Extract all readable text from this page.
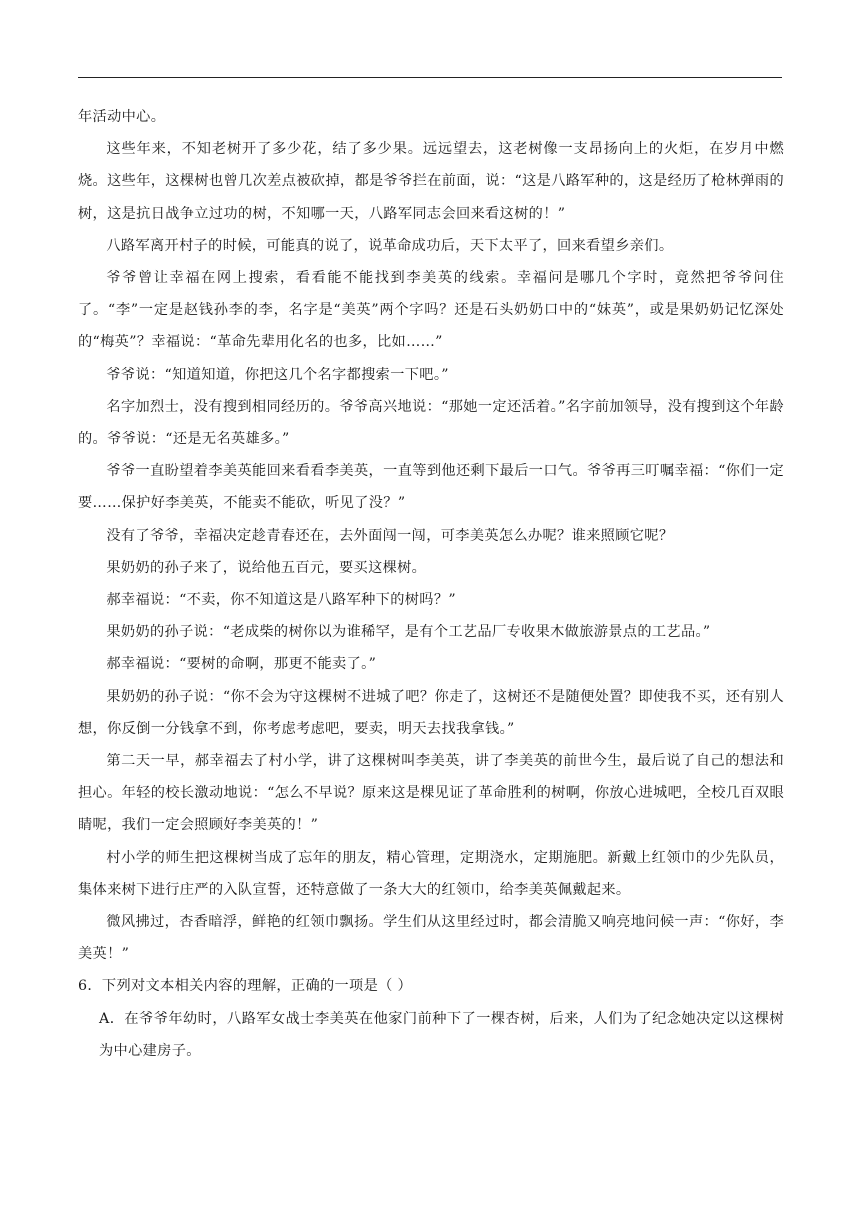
年活动中心。

这些年来，不知老树开了多少花，结了多少果。远远望去，这老树像一支昂扬向上的火炬，在岁月中燃烧。这些年，这棵树也曾几次差点被砍掉，都是爷爷拦在前面，说：“这是八路军种的，这是经历了枪林弹雨的树，这是抗日战争立过功的树，不知哪一天，八路军同志会回来看这树的！”

八路军离开村子的时候，可能真的说了，说革命成功后，天下太平了，回来看望乡亲们。

爷爷曾让幸福在网上搜索，看看能不能找到李美英的线索。幸福问是哪几个字时，竟然把爷爷问住了。“李”一定是赵钱孙李的李，名字是“美英”两个字吗？还是石头奶奶口中的“妹英”，或是果奶奶记忆深处的“梅英”？幸福说：“革命先辈用化名的也多，比如……”

爷爷说：“知道知道，你把这几个名字都搜索一下吧。”

名字加烈士，没有搜到相同经历的。爷爷高兴地说：“那她一定还活着。”名字前加领导，没有搜到这个年龄的。爷爷说：“还是无名英雄多。”

爷爷一直盼望着李美英能回来看看李美英，一直等到他还剩下最后一口气。爷爷再三叮嘱幸福：“你们一定要……保护好李美英，不能卖不能砍，听见了没？”

没有了爷爷，幸福决定趁青春还在，去外面闯一闯，可李美英怎么办呢？谁来照顾它呢？

果奶奶的孙子来了，说给他五百元，要买这棵树。

郝幸福说：“不卖，你不知道这是八路军种下的树吗？”

果奶奶的孙子说：“老成柴的树你以为谁稀罕，是有个工艺品厂专收果木做旅游景点的工艺品。”

郝幸福说：“要树的命啊，那更不能卖了。”

果奶奶的孙子说：“你不会为守这棵树不进城了吧？你走了，这树还不是随便处置？即使我不买，还有别人想，你反倒一分钱拿不到，你考虑考虑吧，要卖，明天去找我拿钱。”

第二天一早，郝幸福去了村小学，讲了这棵树叫李美英，讲了李美英的前世今生，最后说了自己的想法和担心。年轻的校长激动地说：“怎么不早说？原来这是棵见证了革命胜利的树啊，你放心进城吧，全校几百双眼睛呢，我们一定会照顾好李美英的！”

村小学的师生把这棵树当成了忘年的朋友，精心管理，定期浇水，定期施肥。新戴上红领巾的少先队员，集体来树下进行庄严的入队宣誓，还特意做了一条大大的红领巾，给李美英佩戴起来。

微风拂过，杏香暗浮，鲜艳的红领巾飘扬。学生们从这里经过时，都会清脆又响亮地问候一声：“你好，李美英！”

6．下列对文本相关内容的理解，正确的一项是（ ）

A．在爷爷年幼时，八路军女战士李美英在他家门前种下了一棵杏树，后来，人们为了纪念她决定以这棵树为中心建房子。
